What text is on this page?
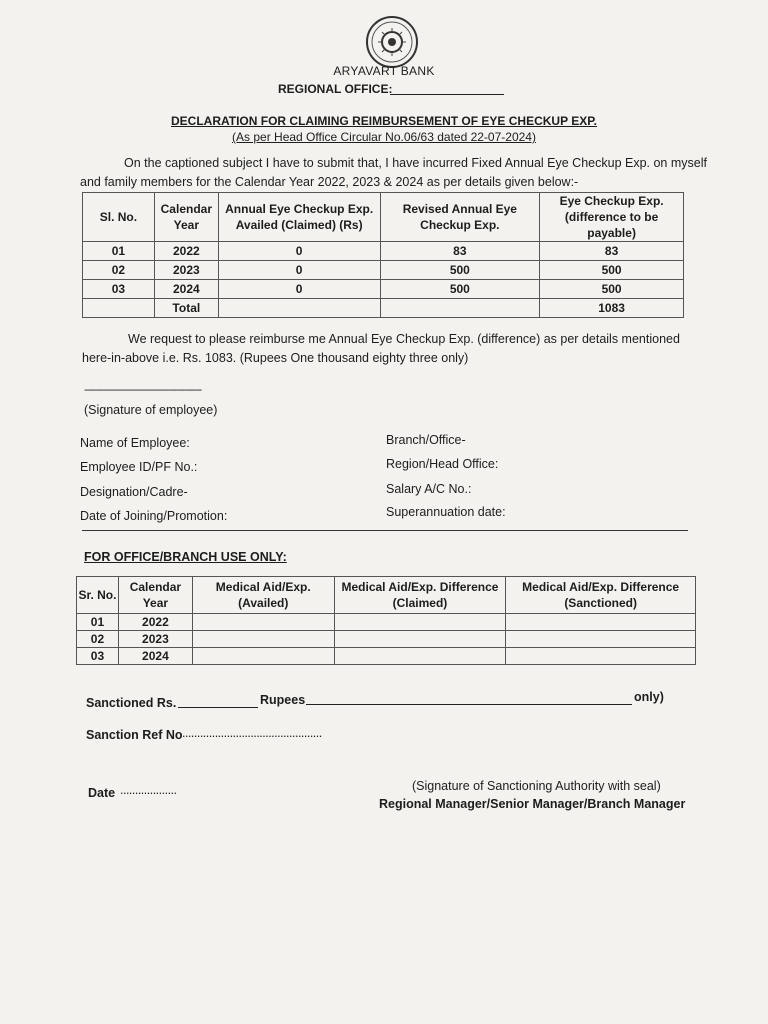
ARYAVART BANK
REGIONAL OFFICE:
DECLARATION FOR CLAIMING REIMBURSEMENT OF EYE CHECKUP EXP.
(As per Head Office Circular No.06/63 dated 22-07-2024)
On the captioned subject I have to submit that, I have incurred Fixed Annual Eye Checkup Exp. on myself and family members for the Calendar Year 2022, 2023 & 2024 as per details given below:-
Sl. No.	Calendar Year	Annual Eye Checkup Exp. Availed (Claimed) (Rs)	Revised Annual Eye Checkup Exp.	Eye Checkup Exp. (difference to be payable)
01	2022	0	83	83
02	2023	0	500	500
03	2024	0	500	500
	Total			1083
We request to please reimburse me Annual Eye Checkup Exp. (difference) as per details mentioned here-in-above i.e. Rs. 1083. (Rupees One thousand eighty three only)
--------------------------------------------
(Signature of employee)
Name of Employee:
Employee ID/PF No.:
Designation/Cadre-
Date of Joining/Promotion:
Branch/Office-
Region/Head Office:
Salary A/C No.:
Superannuation date:
FOR OFFICE/BRANCH USE ONLY:
Sr. No.	Calendar Year	Medical Aid/Exp. (Availed)	Medical Aid/Exp. Difference (Claimed)	Medical Aid/Exp. Difference (Sanctioned)
01	2022			
02	2023			
03	2024			
Sanctioned Rs.	Rupees	only)
Sanction Ref No ...............................................
Date ...................	(Signature of Sanctioning Authority with seal)
Regional Manager/Senior Manager/Branch Manager
